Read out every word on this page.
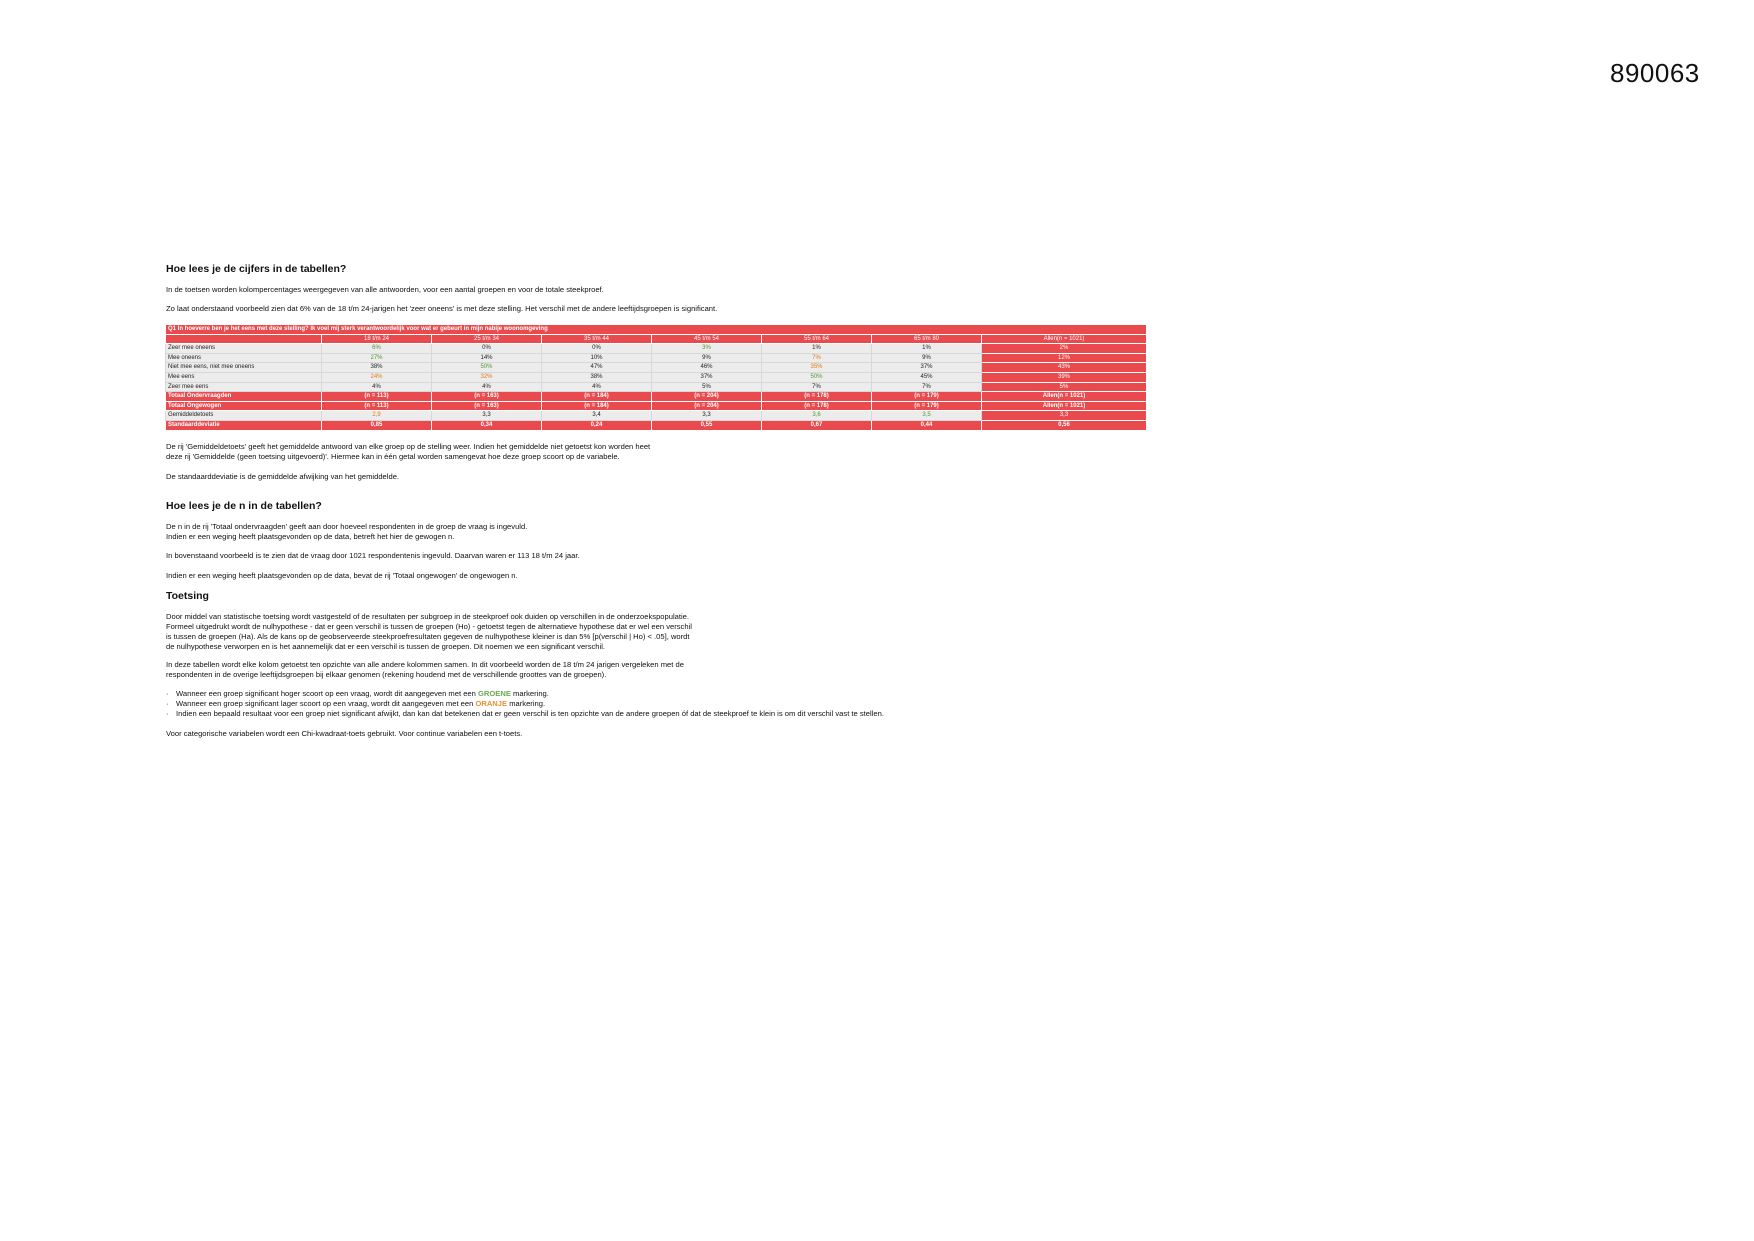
890063
Hoe lees je de cijfers in de tabellen?

In de toetsen worden kolompercentages weergegeven van alle antwoorden, voor een aantal groepen en voor de totale steekproef.

Zo laat onderstaand voorbeeld zien dat 6% van de 18 t/m 24-jarigen het 'zeer oneens' is met deze stelling. Het verschil met de andere leeftijdsgroepen is significant.

Q1 In hoeverre ben je het eens met deze stelling? Ik voel mij sterk verantwoordelijk voor wat er gebeurt in mijn nabije woonomgeving							
	18 t/m 24	25 t/m 34	35 t/m 44	45 t/m 54	55 t/m 64	65 t/m 80	Allen(n = 1021)
Zeer mee oneens	6%	0%	0%	3%	1%	1%	2%
Mee oneens	27%	14%	10%	9%	7%	9%	12%
Niet mee eens, niet mee oneens	38%	50%	47%	46%	35%	37%	43%
Mee eens	24%	32%	38%	37%	50%	45%	39%
Zeer mee eens	4%	4%	4%	5%	7%	7%	5%
Totaal Ondervraagden	(n = 113)	(n = 163)	(n = 184)	(n = 204)	(n = 178)	(n = 179)	Allen(n = 1021)
Totaal Ongewogen	(n = 113)	(n = 163)	(n = 184)	(n = 204)	(n = 178)	(n = 179)	Allen(n = 1021)
Gemiddeldetoets	2,9	3,3	3,4	3,3	3,6	3,5	3,3
Standaarddeviatie	0,85	0,34	0,24	0,55	0,67	0,44	0,56
De rij 'Gemiddeldetoets' geeft het gemiddelde antwoord van elke groep op de stelling weer. Indien het gemiddelde niet getoetst kon worden heet
deze rij 'Gemiddelde (geen toetsing uitgevoerd)'. Hiermee kan in één getal worden samengevat hoe deze groep scoort op de variabele.

De standaarddeviatie is de gemiddelde afwijking van het gemiddelde.

Hoe lees je de n in de tabellen?
De n in de rij 'Totaal ondervraagden' geeft aan door hoeveel respondenten in de groep de vraag is ingevuld.
Indien er een weging heeft plaatsgevonden op de data, betreft het hier de gewogen n.

In bovenstaand voorbeeld is te zien dat de vraag door 1021 respondentenis ingevuld. Daarvan waren er 113 18 t/m 24 jaar.

Indien er een weging heeft plaatsgevonden op de data, bevat de rij 'Totaal ongewogen' de ongewogen n.

Toetsing
Door middel van statistische toetsing wordt vastgesteld of de resultaten per subgroep in de steekproef ook duiden op verschillen in de onderzoekspopulatie.
Formeel uitgedrukt wordt de nulhypothese - dat er geen verschil is tussen de groepen (Ho) - getoetst tegen de alternatieve hypothese dat er wel een verschil
is tussen de groepen (Ha). Als de kans op de geobserveerde steekproefresultaten gegeven de nulhypothese kleiner is dan 5% [p(verschil | Ho) < .05], wordt
de nulhypothese verworpen en is het aannemelijk dat er een verschil is tussen de groepen. Dit noemen we een significant verschil.
In deze tabellen wordt elke kolom getoetst ten opzichte van alle andere kolommen samen. In dit voorbeeld worden de 18 t/m 24 jarigen vergeleken met de
respondenten in de overige leeftijdsgroepen bij elkaar genomen (rekening houdend met de verschillende groottes van de groepen).
· Wanneer een groep significant hoger scoort op een vraag, wordt dit aangegeven met een GROENE markering.
· Wanneer een groep significant lager scoort op een vraag, wordt dit aangegeven met een ORANJE markering.
· Indien een bepaald resultaat voor een groep niet significant afwijkt, dan kan dat betekenen dat er geen verschil is ten opzichte van de andere groepen óf dat de steekproef te klein is om dit verschil vast te stellen.

Voor categorische variabelen wordt een Chi-kwadraat-toets gebruikt. Voor continue variabelen een t-toets.
